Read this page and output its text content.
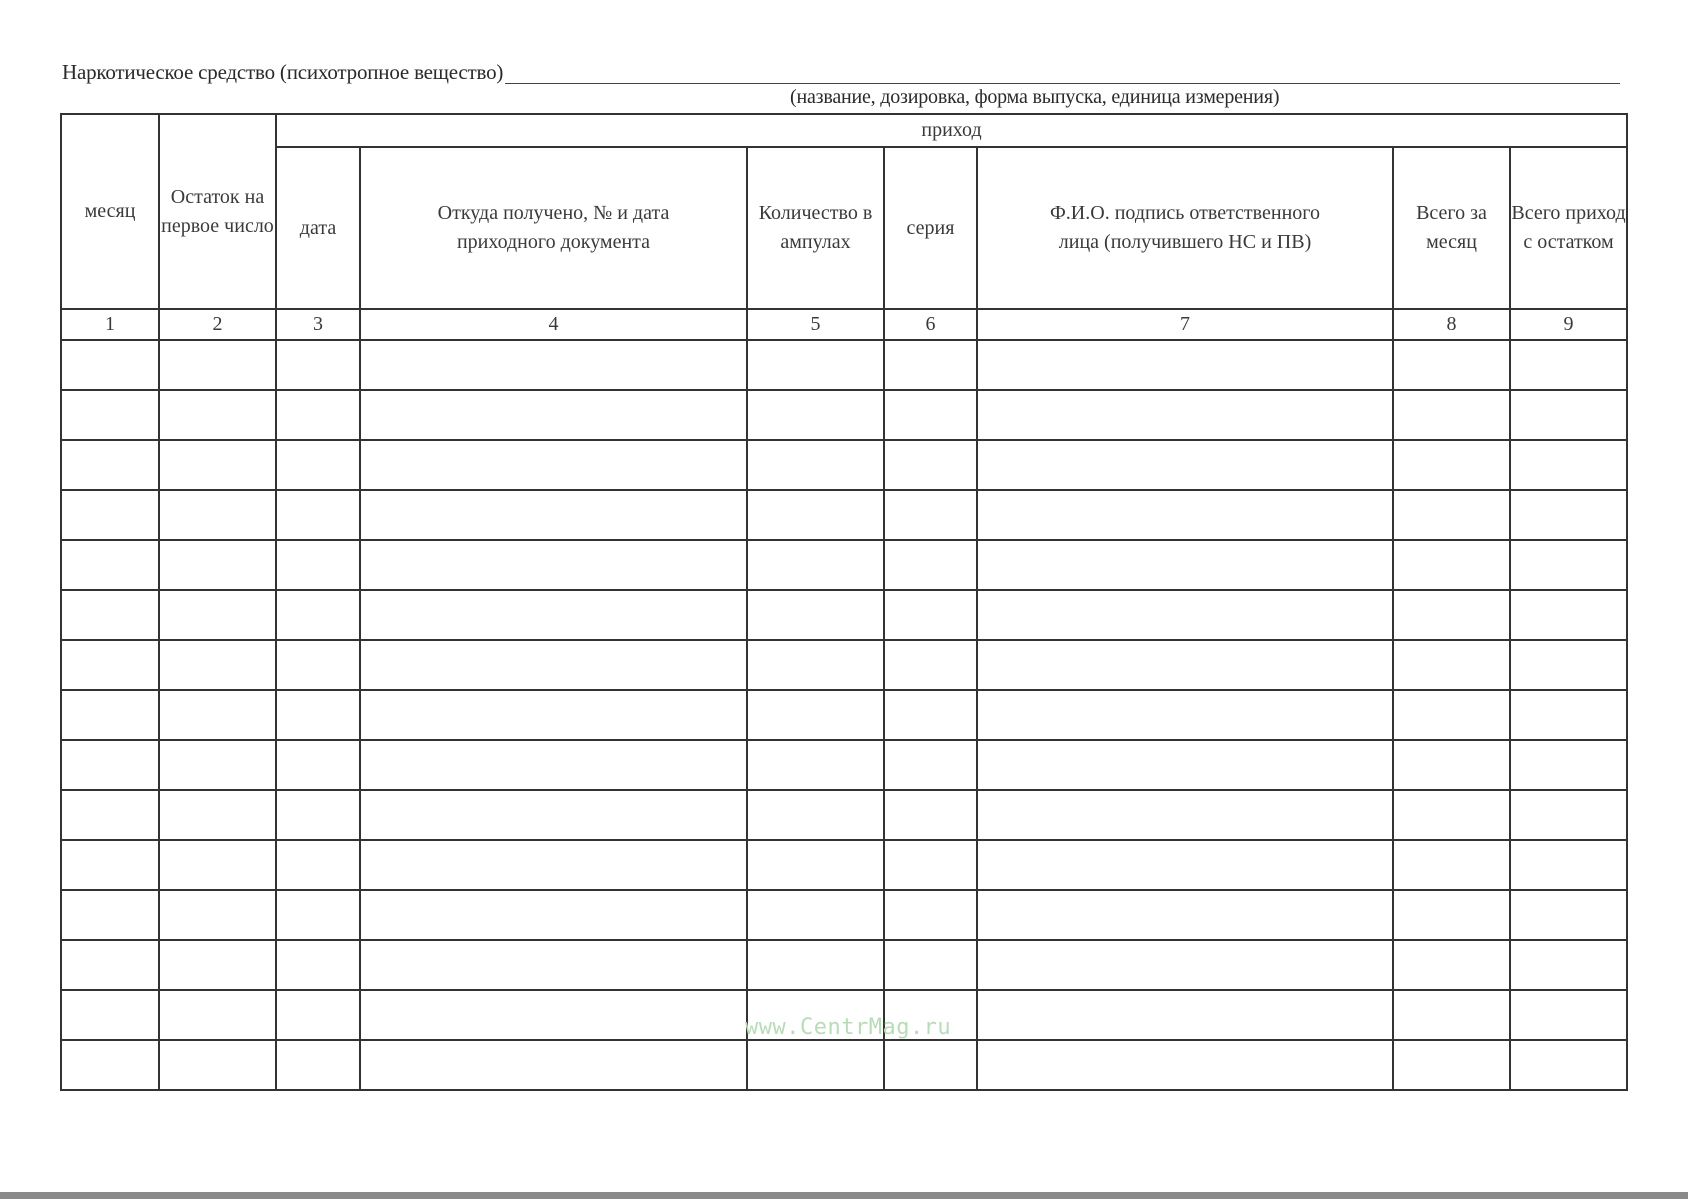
Наркотическое средство (психотропное вещество)
(название, дозировка, форма выпуска, единица измерения)
месяц	Остаток на первое число	приход						
		дата	Откуда получено, № и дата приходного документа	Количество в ампулах	серия	Ф.И.О. подпись ответственного лица (получившего НС и ПВ)	Всего за месяц	Всего приход с остатком
1	2	3	4	5	6	7	8	9

www.CentrMag.ru
